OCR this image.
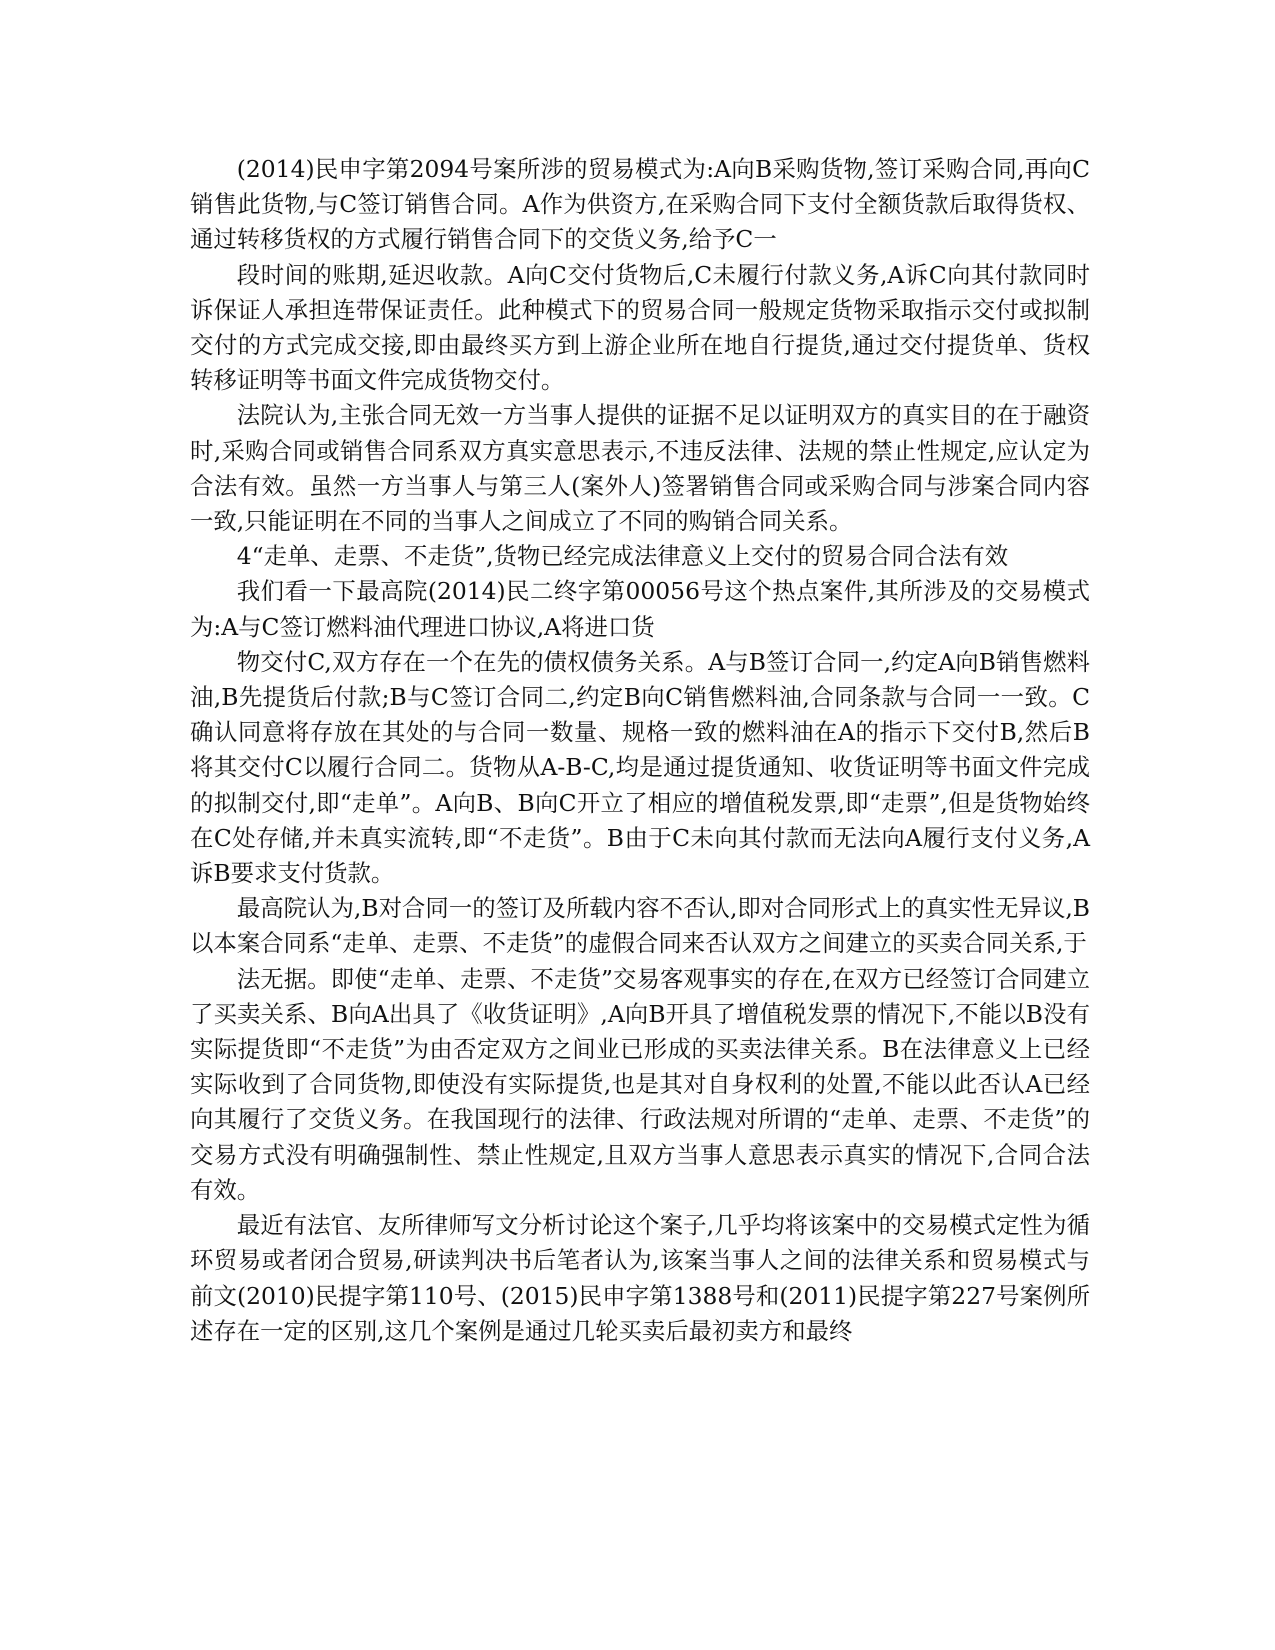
(2014)民申字第2094号案所涉的贸易模式为:A向B采购货物,签订采购合同,再向C销售此货物,与C签订销售合同。A作为供资方,在采购合同下支付全额货款后取得货权、通过转移货权的方式履行销售合同下的交货义务,给予C一

段时间的账期,延迟收款。A向C交付货物后,C未履行付款义务,A诉C向其付款同时诉保证人承担连带保证责任。此种模式下的贸易合同一般规定货物采取指示交付或拟制交付的方式完成交接,即由最终买方到上游企业所在地自行提货,通过交付提货单、货权转移证明等书面文件完成货物交付。

法院认为,主张合同无效一方当事人提供的证据不足以证明双方的真实目的在于融资时,采购合同或销售合同系双方真实意思表示,不违反法律、法规的禁止性规定,应认定为合法有效。虽然一方当事人与第三人(案外人)签署销售合同或采购合同与涉案合同内容一致,只能证明在不同的当事人之间成立了不同的购销合同关系。

4“走单、走票、不走货”,货物已经完成法律意义上交付的贸易合同合法有效

我们看一下最高院(2014)民二终字第00056号这个热点案件,其所涉及的交易模式为:A与C签订燃料油代理进口协议,A将进口货

物交付C,双方存在一个在先的债权债务关系。A与B签订合同一,约定A向B销售燃料油,B先提货后付款;B与C签订合同二,约定B向C销售燃料油,合同条款与合同一一致。C确认同意将存放在其处的与合同一数量、规格一致的燃料油在A的指示下交付B,然后B将其交付C以履行合同二。货物从A-B-C,均是通过提货通知、收货证明等书面文件完成的拟制交付,即“走单”。A向B、B向C开立了相应的增值税发票,即“走票”,但是货物始终在C处存储,并未真实流转,即“不走货”。B由于C未向其付款而无法向A履行支付义务,A诉B要求支付货款。

最高院认为,B对合同一的签订及所载内容不否认,即对合同形式上的真实性无异议,B以本案合同系“走单、走票、不走货”的虚假合同来否认双方之间建立的买卖合同关系,于

法无据。即使“走单、走票、不走货”交易客观事实的存在,在双方已经签订合同建立了买卖关系、B向A出具了《收货证明》,A向B开具了增值税发票的情况下,不能以B没有实际提货即“不走货”为由否定双方之间业已形成的买卖法律关系。B在法律意义上已经实际收到了合同货物,即使没有实际提货,也是其对自身权利的处置,不能以此否认A已经向其履行了交货义务。在我国现行的法律、行政法规对所谓的“走单、走票、不走货”的交易方式没有明确强制性、禁止性规定,且双方当事人意思表示真实的情况下,合同合法有效。

最近有法官、友所律师写文分析讨论这个案子,几乎均将该案中的交易模式定性为循环贸易或者闭合贸易,研读判决书后笔者认为,该案当事人之间的法律关系和贸易模式与前文(2010)民提字第110号、(2015)民申字第1388号和(2011)民提字第227号案例所述存在一定的区别,这几个案例是通过几轮买卖后最初卖方和最终
